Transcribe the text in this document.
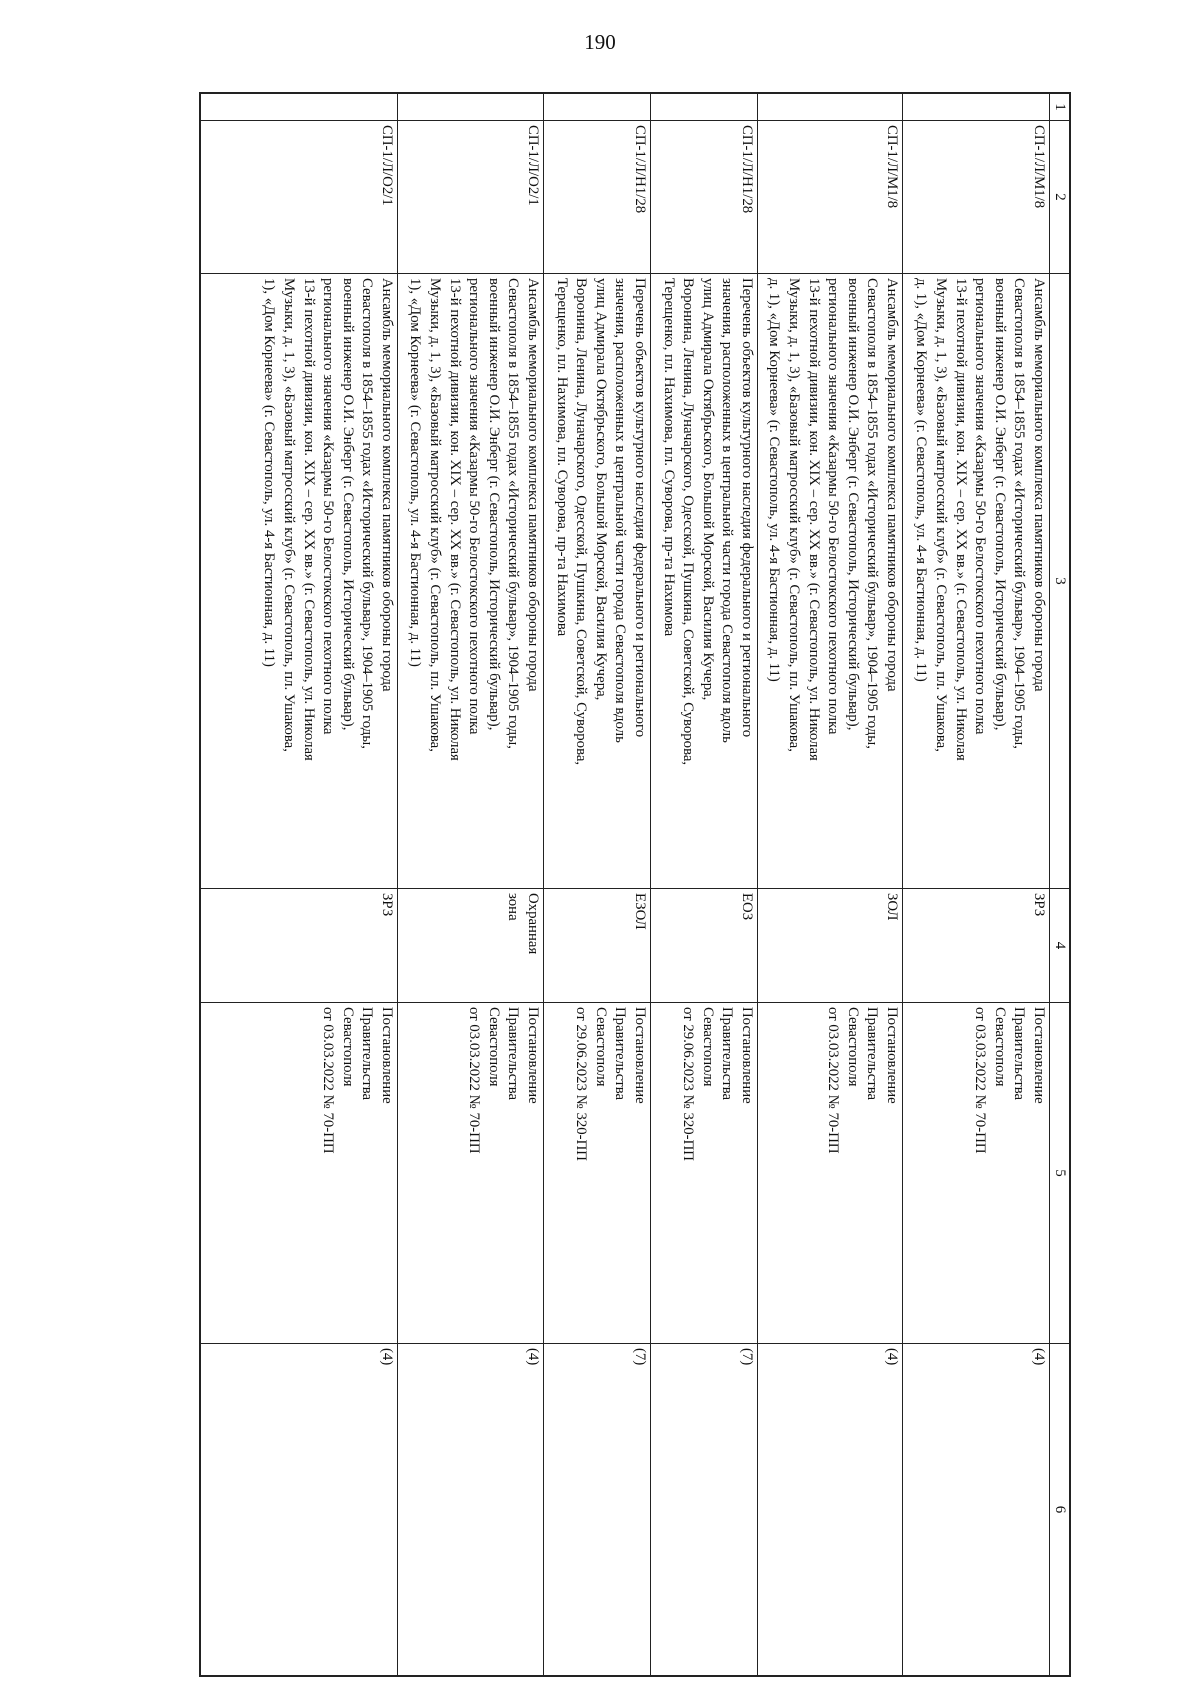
190
1
2
3
4
5
6
СП-1/Л/М1/8
Ансамбль мемориального комплекса памятников обороны города
Севастополя в 1854–1855 годах «Исторический бульвар», 1904–1905 годы,
военный инженер О.И. Энберг (г. Севастополь, Исторический бульвар),
регионального значения «Казармы 50-го Белостокского пехотного полка
13-й пехотной дивизии, кон. XIX – сер. XX вв.» (г. Севастополь, ул. Николая
Музыки, д. 1, 3), «Базовый матросский клуб» (г. Севастополь, пл. Ушакова,
д. 1), «Дом Корнеева» (г. Севастополь, ул. 4-я Бастионная, д. 11)
ЗРЗ
Постановление
Правительства
Севастополя
от 03.03.2022 № 70-ПП
(4)
СП-1/Л/М1/8
Ансамбль мемориального комплекса памятников обороны города
Севастополя в 1854–1855 годах «Исторический бульвар», 1904–1905 годы,
военный инженер О.И. Энберг (г. Севастополь, Исторический бульвар),
регионального значения «Казармы 50-го Белостокского пехотного полка
13-й пехотной дивизии, кон. XIX – сер. XX вв.» (г. Севастополь, ул. Николая
Музыки, д. 1, 3), «Базовый матросский клуб» (г. Севастополь, пл. Ушакова,
д. 1), «Дом Корнеева» (г. Севастополь, ул. 4-я Бастионная, д. 11)
ЗОЛ
Постановление
Правительства
Севастополя
от 03.03.2022 № 70-ПП
(4)
СП-1/Л/Н1/28
Перечень объектов культурного наследия федерального и регионального
значения, расположенных в центральной части города Севастополя вдоль
улиц Адмирала Октябрьского, Большой Морской, Василия Кучера,
Воронина, Ленина, Луначарского, Одесской, Пушкина, Советской, Суворова,
Терещенко, пл. Нахимова, пл. Суворова, пр-та Нахимова
ЕОЗ
Постановление
Правительства
Севастополя
от 29.06.2023 № 320-ПП
(7)
СП-1/Л/Н1/28
Перечень объектов культурного наследия федерального и регионального
значения, расположенных в центральной части города Севастополя вдоль
улиц Адмирала Октябрьского, Большой Морской, Василия Кучера,
Воронина, Ленина, Луначарского, Одесской, Пушкина, Советской, Суворова,
Терещенко, пл. Нахимова, пл. Суворова, пр-та Нахимова
ЕЗОЛ
Постановление
Правительства
Севастополя
от 29.06.2023 № 320-ПП
(7)
СП-1/Л/О2/1
Ансамбль мемориального комплекса памятников обороны города
Севастополя в 1854–1855 годах «Исторический бульвар», 1904–1905 годы,
военный инженер О.И. Энберг (г. Севастополь, Исторический бульвар),
регионального значения «Казармы 50-го Белостокского пехотного полка
13-й пехотной дивизии, кон. XIX – сер. XX вв.» (г. Севастополь, ул. Николая
Музыки, д. 1, 3), «Базовый матросский клуб» (г. Севастополь, пл. Ушакова,
1), «Дом Корнеева» (г. Севастополь, ул. 4-я Бастионная, д. 11)
Охранная
зона
Постановление
Правительства
Севастополя
от 03.03.2022 № 70-ПП
(4)
СП-1/Л/О2/1
Ансамбль мемориального комплекса памятников обороны города
Севастополя в 1854–1855 годах «Исторический бульвар», 1904–1905 годы,
военный инженер О.И. Энберг (г. Севастополь, Исторический бульвар),
регионального значения «Казармы 50-го Белостокского пехотного полка
13-й пехотной дивизии, кон. XIX – сер. XX вв.» (г. Севастополь, ул. Николая
Музыки, д. 1, 3), «Базовый матросский клуб» (г. Севастополь, пл. Ушакова,
1), «Дом Корнеева» (г. Севастополь, ул. 4-я Бастионная, д. 11)
ЗРЗ
Постановление
Правительства
Севастополя
от 03.03.2022 № 70-ПП
(4)
